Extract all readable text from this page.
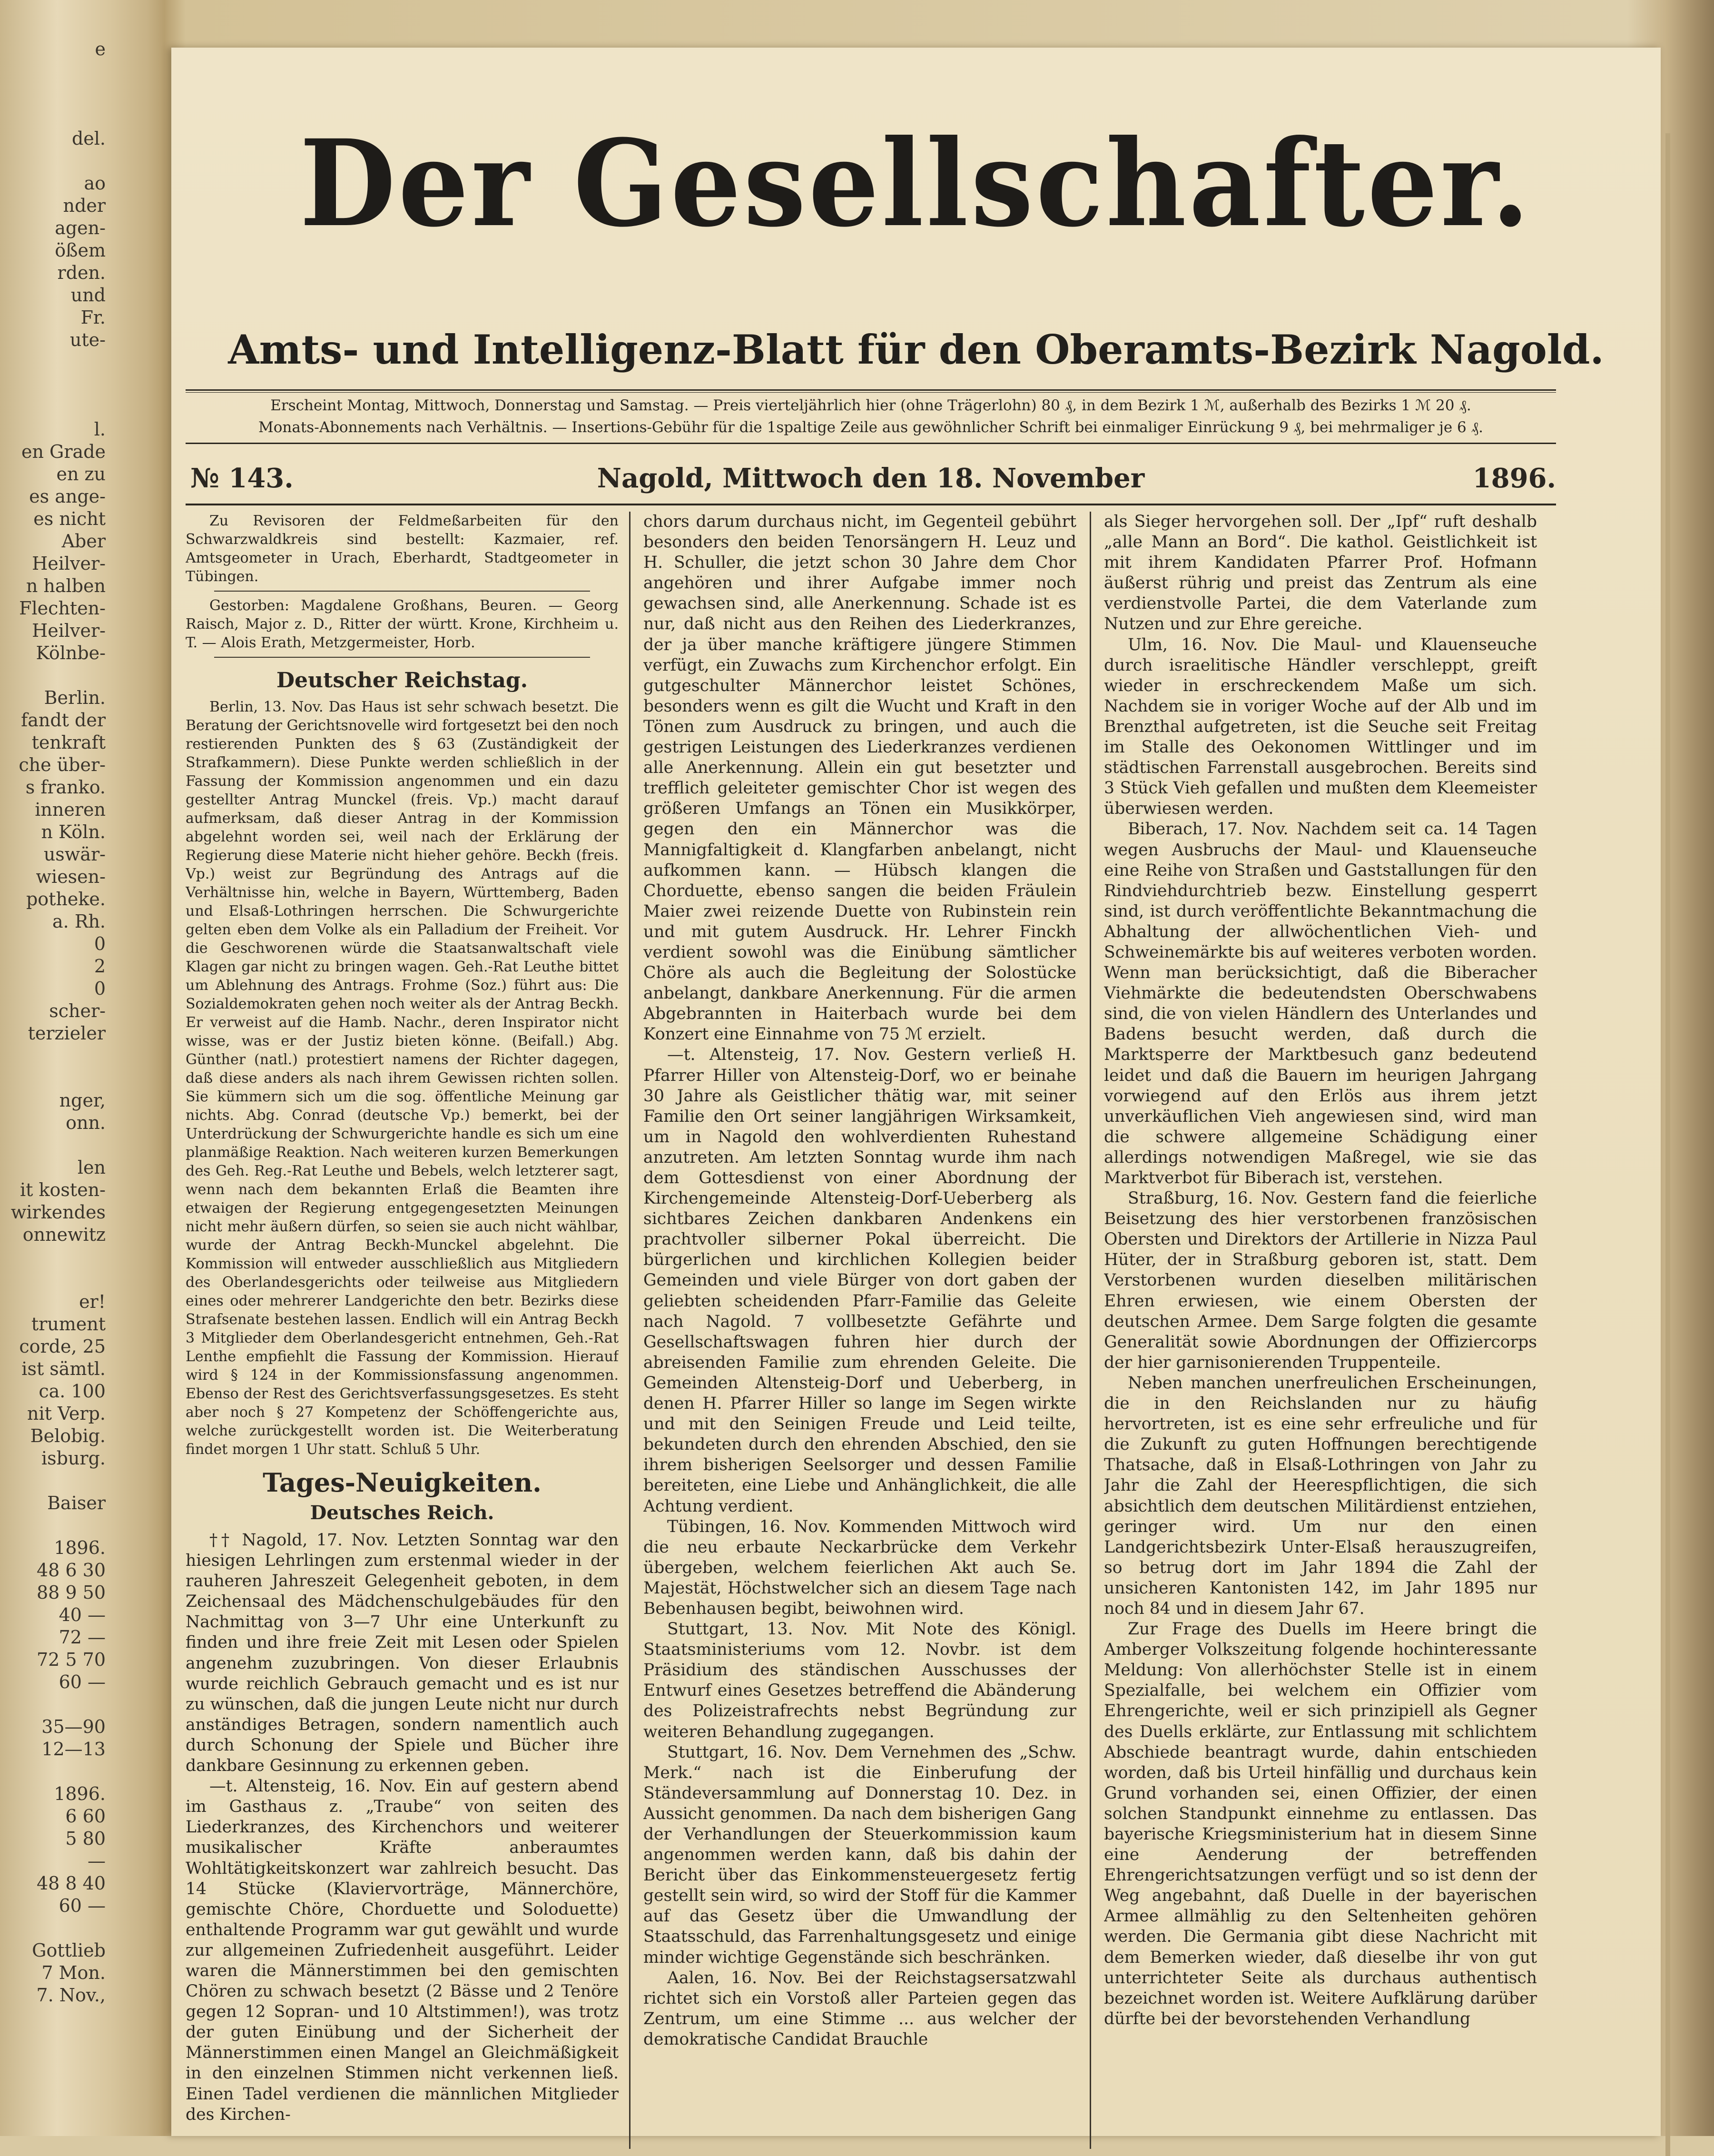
e

del.

ao
nder
agen-
ößem
rden.
und
Fr.
ute-

l.
en Grade
en zu
es ange-
es nicht
Aber
Heilver-
n halben
Flechten-
Heilver-
Kölnbe-

Berlin.
fandt der
tenkraft
che über-
s franko.
inneren
n Köln.
uswär-
wiesen-
potheke.
a. Rh.
0
2
0
scher-
terzieler

nger,
onn.

len
it kosten-
wirkendes
onnewitz

er!
trument
corde, 25
ist sämtl.
ca. 100
nit Verp.
Belobig.
isburg.

Baiser

1896.
48 6 30
88 9 50
40 —
72 —
72 5 70
60 —

35—90
12—13

1896.
6 60
5 80
—
48 8 40
60 —

Gottlieb
7 Mon.
7. Nov.,
Der Gesellschafter.
Amts- und Intelligenz-Blatt für den Oberamts-Bezirk Nagold.
Erscheint Montag, Mittwoch, Donnerstag und Samstag. — Preis vierteljährlich hier (ohne Trägerlohn) 80 ₰, in dem Bezirk 1 ℳ, außerhalb des Bezirks 1 ℳ 20 ₰.
Monats-Abonnements nach Verhältnis. — Insertions-Gebühr für die 1spaltige Zeile aus gewöhnlicher Schrift bei einmaliger Einrückung 9 ₰, bei mehrmaliger je 6 ₰.
№ 143.	Nagold, Mittwoch den 18. November	1896.

Zu Revisoren der Feldmeßarbeiten für den Schwarzwaldkreis sind bestellt: Kazmaier, ref. Amtsgeometer in Urach, Eberhardt, Stadtgeometer in Tübingen.

Gestorben: Magdalene Großhans, Beuren. — Georg Raisch, Major z. D., Ritter der württ. Krone, Kirchheim u. T. — Alois Erath, Metzgermeister, Horb.

Deutscher Reichstag.

Berlin, 13. Nov. Das Haus ist sehr schwach besetzt. Die Beratung der Gerichtsnovelle wird fortgesetzt bei den noch restierenden Punkten des § 63 (Zuständigkeit der Strafkammern). Diese Punkte werden schließlich in der Fassung der Kommission angenommen und ein dazu gestellter Antrag Munckel (freis. Vp.) macht darauf aufmerksam, daß dieser Antrag in der Kommission abgelehnt worden sei, weil nach der Erklärung der Regierung diese Materie nicht hieher gehöre. Beckh (freis. Vp.) weist zur Begründung des Antrags auf die Verhältnisse hin, welche in Bayern, Württemberg, Baden und Elsaß-Lothringen herrschen. Die Schwurgerichte gelten eben dem Volke als ein Palladium der Freiheit. Vor die Geschworenen würde die Staatsanwaltschaft viele Klagen gar nicht zu bringen wagen. Geh.-Rat Leuthe bittet um Ablehnung des Antrags. Frohme (Soz.) führt aus: Die Sozialdemokraten gehen noch weiter als der Antrag Beckh. Er verweist auf die Hamb. Nachr., deren Inspirator nicht wisse, was er der Justiz bieten könne. (Beifall.) Abg. Günther (natl.) protestiert namens der Richter dagegen, daß diese anders als nach ihrem Gewissen richten sollen. Sie kümmern sich um die sog. öffentliche Meinung gar nichts. Abg. Conrad (deutsche Vp.) bemerkt, bei der Unterdrückung der Schwurgerichte handle es sich um eine planmäßige Reaktion. Nach weiteren kurzen Bemerkungen des Geh. Reg.-Rat Leuthe und Bebels, welch letzterer sagt, wenn nach dem bekannten Erlaß die Beamten ihre etwaigen der Regierung entgegengesetzten Meinungen nicht mehr äußern dürfen, so seien sie auch nicht wählbar, wurde der Antrag Beckh-Munckel abgelehnt. Die Kommission will entweder ausschließlich aus Mitgliedern des Oberlandesgerichts oder teilweise aus Mitgliedern eines oder mehrerer Landgerichte den betr. Bezirks diese Strafsenate bestehen lassen. Endlich will ein Antrag Beckh 3 Mitglieder dem Oberlandesgericht entnehmen, Geh.-Rat Lenthe empfiehlt die Fassung der Kommission. Hierauf wird § 124 in der Kommissionsfassung angenommen. Ebenso der Rest des Gerichtsverfassungsgesetzes. Es steht aber noch § 27 Kompetenz der Schöffengerichte aus, welche zurückgestellt worden ist. Die Weiterberatung findet morgen 1 Uhr statt. Schluß 5 Uhr.

Tages-Neuigkeiten.
Deutsches Reich.

†† Nagold, 17. Nov. Letzten Sonntag war den hiesigen Lehrlingen zum erstenmal wieder in der rauheren Jahreszeit Gelegenheit geboten, in dem Zeichensaal des Mädchenschulgebäudes für den Nachmittag von 3—7 Uhr eine Unterkunft zu finden und ihre freie Zeit mit Lesen oder Spielen angenehm zuzubringen. Von dieser Erlaubnis wurde reichlich Gebrauch gemacht und es ist nur zu wünschen, daß die jungen Leute nicht nur durch anständiges Betragen, sondern namentlich auch durch Schonung der Spiele und Bücher ihre dankbare Gesinnung zu erkennen geben.

—t. Altensteig, 16. Nov. Ein auf gestern abend im Gasthaus z. „Traube“ von seiten des Liederkranzes, des Kirchenchors und weiterer musikalischer Kräfte anberaumtes Wohltätigkeitskonzert war zahlreich besucht. Das 14 Stücke (Klaviervorträge, Männerchöre, gemischte Chöre, Chorduette und Soloduette) enthaltende Programm war gut gewählt und wurde zur allgemeinen Zufriedenheit ausgeführt. Leider waren die Männerstimmen bei den gemischten Chören zu schwach besetzt (2 Bässe und 2 Tenöre gegen 12 Sopran- und 10 Altstimmen!), was trotz der guten Einübung und der Sicherheit der Männerstimmen einen Mangel an Gleichmäßigkeit in den einzelnen Stimmen nicht verkennen ließ. Einen Tadel verdienen die männlichen Mitglieder des Kirchen-

chors darum durchaus nicht, im Gegenteil gebührt besonders den beiden Tenorsängern H. Leuz und H. Schuller, die jetzt schon 30 Jahre dem Chor angehören und ihrer Aufgabe immer noch gewachsen sind, alle Anerkennung. Schade ist es nur, daß nicht aus den Reihen des Liederkranzes, der ja über manche kräftigere jüngere Stimmen verfügt, ein Zuwachs zum Kirchenchor erfolgt. Ein gutgeschulter Männerchor leistet Schönes, besonders wenn es gilt die Wucht und Kraft in den Tönen zum Ausdruck zu bringen, und auch die gestrigen Leistungen des Liederkranzes verdienen alle Anerkennung. Allein ein gut besetzter und trefflich geleiteter gemischter Chor ist wegen des größeren Umfangs an Tönen ein Musikkörper, gegen den ein Männerchor was die Mannigfaltigkeit d. Klangfarben anbelangt, nicht aufkommen kann. — Hübsch klangen die Chorduette, ebenso sangen die beiden Fräulein Maier zwei reizende Duette von Rubinstein rein und mit gutem Ausdruck. Hr. Lehrer Finckh verdient sowohl was die Einübung sämtlicher Chöre als auch die Begleitung der Solostücke anbelangt, dankbare Anerkennung. Für die armen Abgebrannten in Haiterbach wurde bei dem Konzert eine Einnahme von 75 ℳ erzielt.

—t. Altensteig, 17. Nov. Gestern verließ H. Pfarrer Hiller von Altensteig-Dorf, wo er beinahe 30 Jahre als Geistlicher thätig war, mit seiner Familie den Ort seiner langjährigen Wirksamkeit, um in Nagold den wohlverdienten Ruhestand anzutreten. Am letzten Sonntag wurde ihm nach dem Gottesdienst von einer Abordnung der Kirchengemeinde Altensteig-Dorf-Ueberberg als sichtbares Zeichen dankbaren Andenkens ein prachtvoller silberner Pokal überreicht. Die bürgerlichen und kirchlichen Kollegien beider Gemeinden und viele Bürger von dort gaben der geliebten scheidenden Pfarr-Familie das Geleite nach Nagold. 7 vollbesetzte Gefährte und Gesellschaftswagen fuhren hier durch der abreisenden Familie zum ehrenden Geleite. Die Gemeinden Altensteig-Dorf und Ueberberg, in denen H. Pfarrer Hiller so lange im Segen wirkte und mit den Seinigen Freude und Leid teilte, bekundeten durch den ehrenden Abschied, den sie ihrem bisherigen Seelsorger und dessen Familie bereiteten, eine Liebe und Anhänglichkeit, die alle Achtung verdient.

Tübingen, 16. Nov. Kommenden Mittwoch wird die neu erbaute Neckarbrücke dem Verkehr übergeben, welchem feierlichen Akt auch Se. Majestät, Höchstwelcher sich an diesem Tage nach Bebenhausen begibt, beiwohnen wird.

Stuttgart, 13. Nov. Mit Note des Königl. Staatsministeriums vom 12. Novbr. ist dem Präsidium des ständischen Ausschusses der Entwurf eines Gesetzes betreffend die Abänderung des Polizeistrafrechts nebst Begründung zur weiteren Behandlung zugegangen.

Stuttgart, 16. Nov. Dem Vernehmen des „Schw. Merk.“ nach ist die Einberufung der Ständeversammlung auf Donnerstag 10. Dez. in Aussicht genommen. Da nach dem bisherigen Gang der Verhandlungen der Steuerkommission kaum angenommen werden kann, daß bis dahin der Bericht über das Einkommensteuergesetz fertig gestellt sein wird, so wird der Stoff für die Kammer auf das Gesetz über die Umwandlung der Staatsschuld, das Farrenhaltungsgesetz und einige minder wichtige Gegenstände sich beschränken.

Aalen, 16. Nov. Bei der Reichstagsersatzwahl richtet sich ein Vorstoß aller Parteien gegen das Zentrum, um eine Stimme ... aus welcher der demokratische Candidat Brauchle

als Sieger hervorgehen soll. Der „Ipf“ ruft deshalb „alle Mann an Bord“. Die kathol. Geistlichkeit ist mit ihrem Kandidaten Pfarrer Prof. Hofmann äußerst rührig und preist das Zentrum als eine verdienstvolle Partei, die dem Vaterlande zum Nutzen und zur Ehre gereiche.

Ulm, 16. Nov. Die Maul- und Klauenseuche durch israelitische Händler verschleppt, greift wieder in erschreckendem Maße um sich. Nachdem sie in voriger Woche auf der Alb und im Brenzthal aufgetreten, ist die Seuche seit Freitag im Stalle des Oekonomen Wittlinger und im städtischen Farrenstall ausgebrochen. Bereits sind 3 Stück Vieh gefallen und mußten dem Kleemeister überwiesen werden.

Biberach, 17. Nov. Nachdem seit ca. 14 Tagen wegen Ausbruchs der Maul- und Klauenseuche eine Reihe von Straßen und Gaststallungen für den Rindviehdurchtrieb bezw. Einstellung gesperrt sind, ist durch veröffentlichte Bekanntmachung die Abhaltung der allwöchentlichen Vieh- und Schweinemärkte bis auf weiteres verboten worden. Wenn man berücksichtigt, daß die Biberacher Viehmärkte die bedeutendsten Oberschwabens sind, die von vielen Händlern des Unterlandes und Badens besucht werden, daß durch die Marktsperre der Marktbesuch ganz bedeutend leidet und daß die Bauern im heurigen Jahrgang vorwiegend auf den Erlös aus ihrem jetzt unverkäuflichen Vieh angewiesen sind, wird man die schwere allgemeine Schädigung einer allerdings notwendigen Maßregel, wie sie das Marktverbot für Biberach ist, verstehen.

Straßburg, 16. Nov. Gestern fand die feierliche Beisetzung des hier verstorbenen französischen Obersten und Direktors der Artillerie in Nizza Paul Hüter, der in Straßburg geboren ist, statt. Dem Verstorbenen wurden dieselben militärischen Ehren erwiesen, wie einem Obersten der deutschen Armee. Dem Sarge folgten die gesamte Generalität sowie Abordnungen der Offiziercorps der hier garnisonierenden Truppenteile.

Neben manchen unerfreulichen Erscheinungen, die in den Reichslanden nur zu häufig hervortreten, ist es eine sehr erfreuliche und für die Zukunft zu guten Hoffnungen berechtigende Thatsache, daß in Elsaß-Lothringen von Jahr zu Jahr die Zahl der Heerespflichtigen, die sich absichtlich dem deutschen Militärdienst entziehen, geringer wird. Um nur den einen Landgerichtsbezirk Unter-Elsaß herauszugreifen, so betrug dort im Jahr 1894 die Zahl der unsicheren Kantonisten 142, im Jahr 1895 nur noch 84 und in diesem Jahr 67.

Zur Frage des Duells im Heere bringt die Amberger Volkszeitung folgende hochinteressante Meldung: Von allerhöchster Stelle ist in einem Spezialfalle, bei welchem ein Offizier vom Ehrengerichte, weil er sich prinzipiell als Gegner des Duells erklärte, zur Entlassung mit schlichtem Abschiede beantragt wurde, dahin entschieden worden, daß bis Urteil hinfällig und durchaus kein Grund vorhanden sei, einen Offizier, der einen solchen Standpunkt einnehme zu entlassen. Das bayerische Kriegsministerium hat in diesem Sinne eine Aenderung der betreffenden Ehrengerichtsatzungen verfügt und so ist denn der Weg angebahnt, daß Duelle in der bayerischen Armee allmählig zu den Seltenheiten gehören werden. Die Germania gibt diese Nachricht mit dem Bemerken wieder, daß dieselbe ihr von gut unterrichteter Seite als durchaus authentisch bezeichnet worden ist. Weitere Aufklärung darüber dürfte bei der bevorstehenden Verhandlung
